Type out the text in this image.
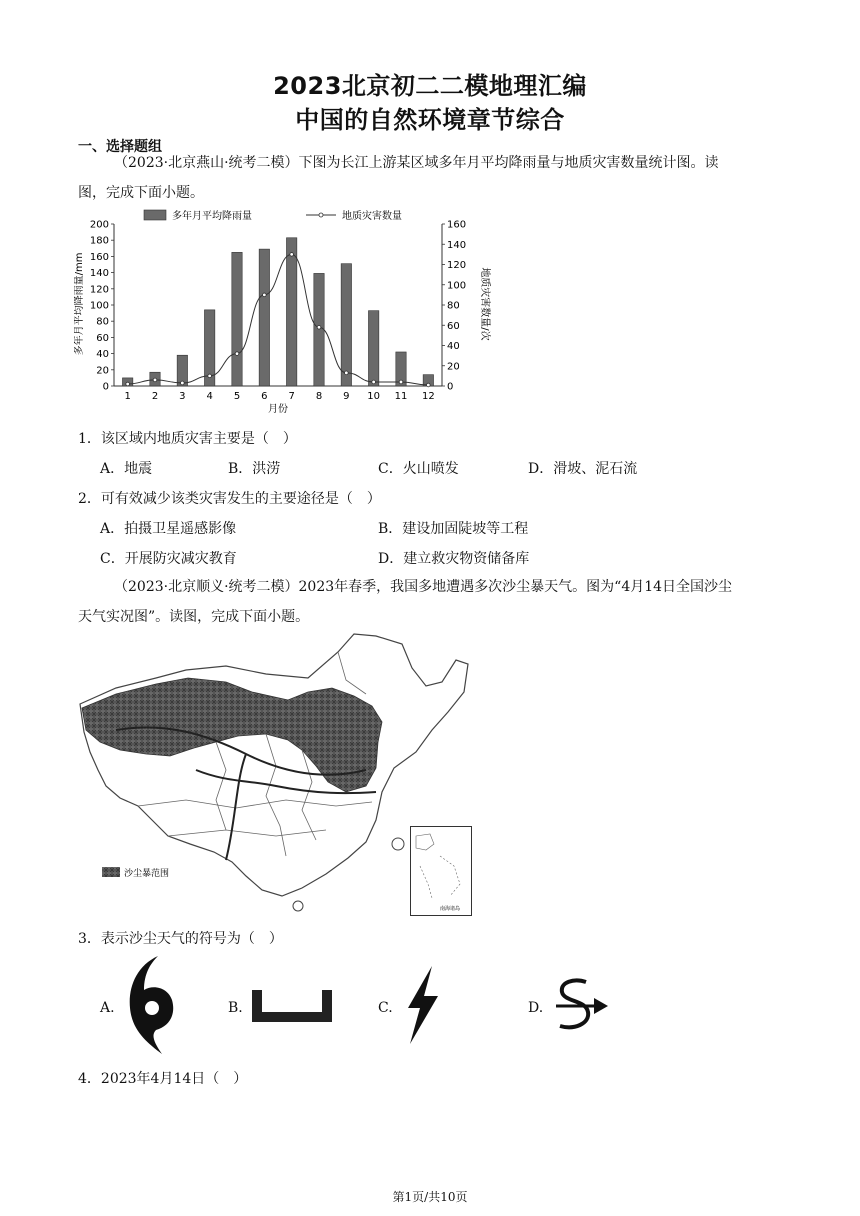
2023北京初二二模地理汇编
中国的自然环境章节综合
一、选择题组
（2023·北京燕山·统考二模）下图为长江上游某区域多年月平均降雨量与地质灾害数量统计图。读
图，完成下面小题。
多年月平均降雨量	地质灾害数量
0
20
40
60
80
100
120
140
160
180
200
0
20
40
60
80
100
120
140
160
1 2 3 4 5 6 7 8 9 10 11 12
多年月平均降雨量/mm	地质灾害数量/次
月份
1．该区域内地质灾害主要是（　）
A．地震	B．洪涝	C．火山喷发	D．滑坡、泥石流
2．可有效减少该类灾害发生的主要途径是（　）
A．拍摄卫星遥感影像	B．建设加固陡坡等工程
C．开展防灾减灾教育	D．建立救灾物资储备库
（2023·北京顺义·统考二模）2023年春季，我国多地遭遇多次沙尘暴天气。图为“4月14日全国沙尘
天气实况图”。读图，完成下面小题。
沙尘暴范围
南海诸岛
3．表示沙尘天气的符号为（　）
A.	B.	C.	D.
4．2023年4月14日（　）
第1页/共10页
